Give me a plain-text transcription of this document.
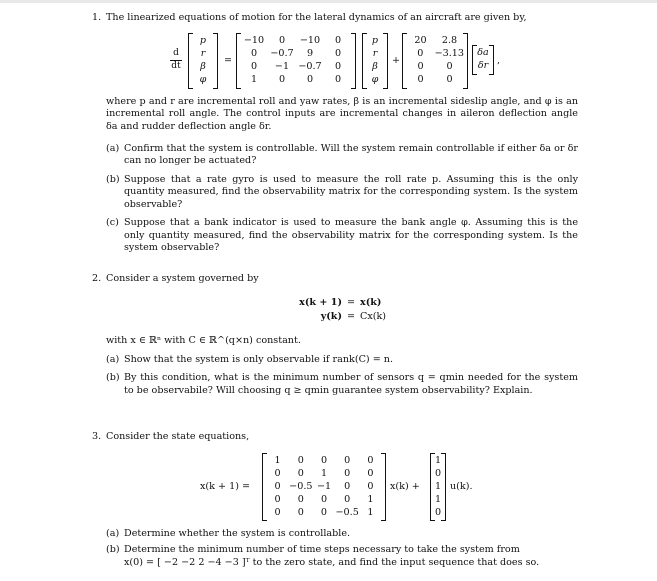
1. The linearized equations of motion for the lateral dynamics of an aircraft are given by,
d
dt
p
r
β
φ
=
−10	0	−10	0
0	−0.7	9	0
0	−1 −0.7	0
1	0	0	0
p
r
β
φ
+
20	2.8
0	−3.13
0	0
0	0
δa
δr ,
where p and r are incremental roll and yaw rates, β is an incremental sideslip angle, and φ is an incremental roll angle. The control inputs are incremental changes in aileron deflection angle δa and rudder deflection angle δr.
(a) Confirm that the system is controllable. Will the system remain controllable if either δa or δr can no longer be actuated?
(b) Suppose that a rate gyro is used to measure the roll rate p. Assuming this is the only quantity measured, find the observability matrix for the corresponding system. Is the system observable?
(c) Suppose that a bank indicator is used to measure the bank angle φ. Assuming this is the only quantity measured, find the observability matrix for the corresponding system. Is the system observable?
2. Consider a system governed by
x(k + 1) = x(k)
y(k) = Cx(k)
with x ∈ ℝⁿ with C ∈ ℝ^(q×n) constant.
(a) Show that the system is only observable if rank(C) = n.
(b) By this condition, what is the minimum number of sensors q = qmin needed for the system to be observabile? Will choosing q ≥ qmin guarantee system observability? Explain.
3. Consider the state equations,
x(k + 1) =
1	0	0	0	0
0	0	1	0	0
0 −0.5 −1	0	0
0	0	0	0	1
0	0	0 −0.5 1
x(k) +
1
0
1
1
0
u(k).
(a) Determine whether the system is controllable.
(b) Determine the minimum number of time steps necessary to take the system from
x(0) = [ −2 −2 2 −4 −3 ]ᵀ to the zero state, and find the input sequence that does so.
